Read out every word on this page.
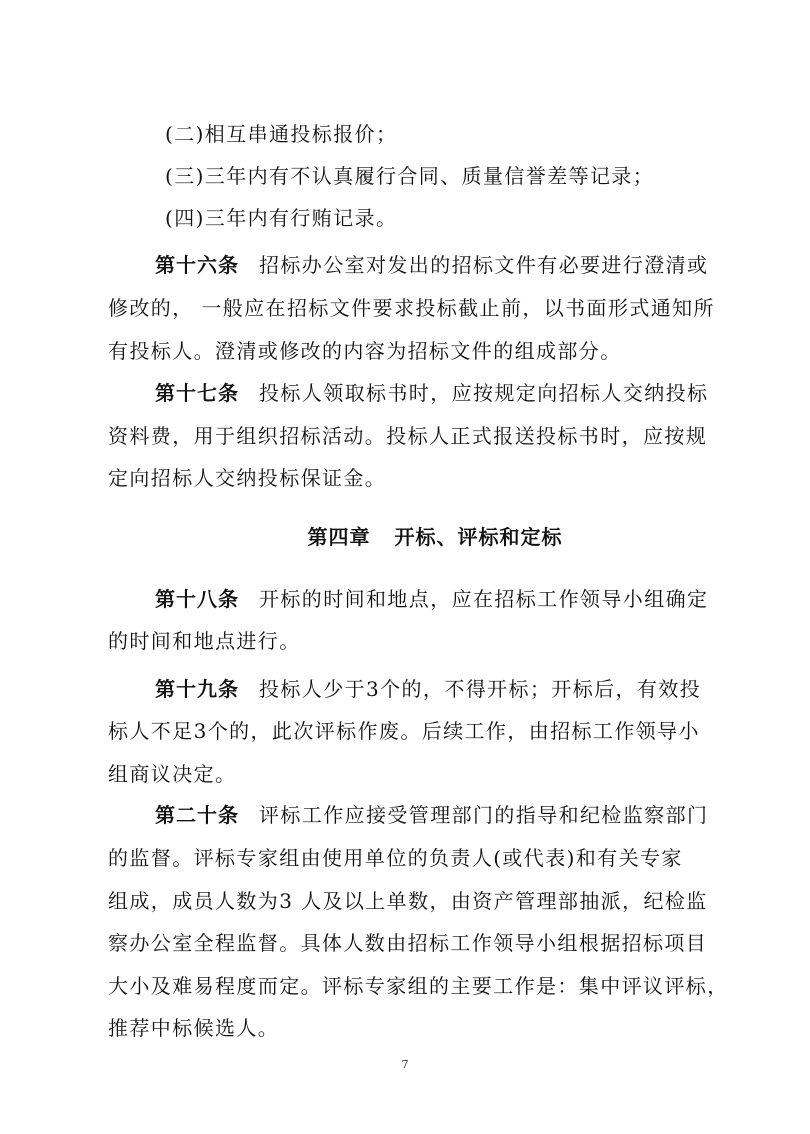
(二)相互串通投标报价；
(三)三年内有不认真履行合同、质量信誉差等记录；
(四)三年内有行贿记录。
第十六条 招标办公室对发出的招标文件有必要进行澄清或
修改的， 一般应在招标文件要求投标截止前，以书面形式通知所
有投标人。澄清或修改的内容为招标文件的组成部分。
第十七条 投标人领取标书时，应按规定向招标人交纳投标
资料费，用于组织招标活动。投标人正式报送投标书时，应按规
定向招标人交纳投标保证金。
第四章 开标、评标和定标
第十八条 开标的时间和地点，应在招标工作领导小组确定
的时间和地点进行。
第十九条 投标人少于3个的，不得开标；开标后，有效投
标人不足3个的，此次评标作废。后续工作，由招标工作领导小
组商议决定。
第二十条 评标工作应接受管理部门的指导和纪检监察部门
的监督。评标专家组由使用单位的负责人(或代表)和有关专家
组成，成员人数为3 人及以上单数，由资产管理部抽派，纪检监
察办公室全程监督。具体人数由招标工作领导小组根据招标项目
大小及难易程度而定。评标专家组的主要工作是：集中评议评标，
推荐中标候选人。
7
